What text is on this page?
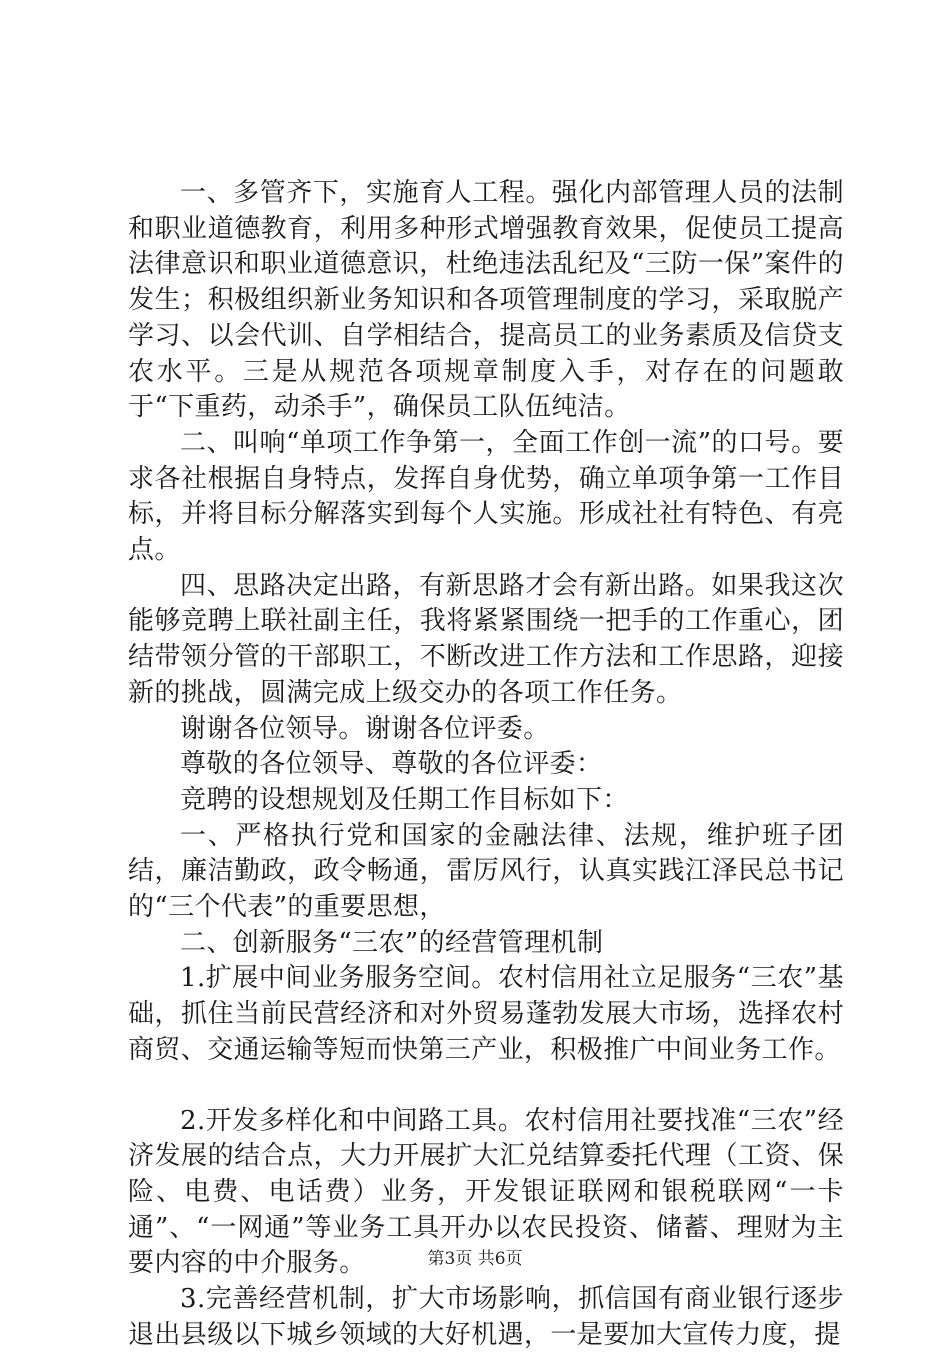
一、多管齐下，实施育人工程。强化内部管理人员的法制和职业道德教育，利用多种形式增强教育效果，促使员工提高法律意识和职业道德意识，杜绝违法乱纪及“三防一保”案件的发生；积极组织新业务知识和各项管理制度的学习，采取脱产学习、以会代训、自学相结合，提高员工的业务素质及信贷支农水平。三是从规范各项规章制度入手，对存在的问题敢于“下重药，动杀手”，确保员工队伍纯洁。

二、叫响“单项工作争第一，全面工作创一流”的口号。要求各社根据自身特点，发挥自身优势，确立单项争第一工作目标，并将目标分解落实到每个人实施。形成社社有特色、有亮点。

四、思路决定出路，有新思路才会有新出路。如果我这次能够竞聘上联社副主任，我将紧紧围绕一把手的工作重心，团结带领分管的干部职工，不断改进工作方法和工作思路，迎接新的挑战，圆满完成上级交办的各项工作任务。

谢谢各位领导。谢谢各位评委。

尊敬的各位领导、尊敬的各位评委：

竞聘的设想规划及任期工作目标如下：

一、严格执行党和国家的金融法律、法规，维护班子团结，廉洁勤政，政令畅通，雷厉风行，认真实践江泽民总书记的“三个代表”的重要思想，

二、创新服务“三农”的经营管理机制

1.扩展中间业务服务空间。农村信用社立足服务“三农”基础，抓住当前民营经济和对外贸易蓬勃发展大市场，选择农村商贸、交通运输等短而快第三产业，积极推广中间业务工作。

2.开发多样化和中间路工具。农村信用社要找准“三农”经济发展的结合点，大力开展扩大汇兑结算委托代理（工资、保险、电费、电话费）业务，开发银证联网和银税联网“一卡通”、“一网通”等业务工具开办以农民投资、储蓄、理财为主要内容的中介服务。

3.完善经营机制，扩大市场影响，抓信国有商业银行逐步退出县级以下城乡领域的大好机遇，一是要加大宣传力度，提

第3页 共6页
